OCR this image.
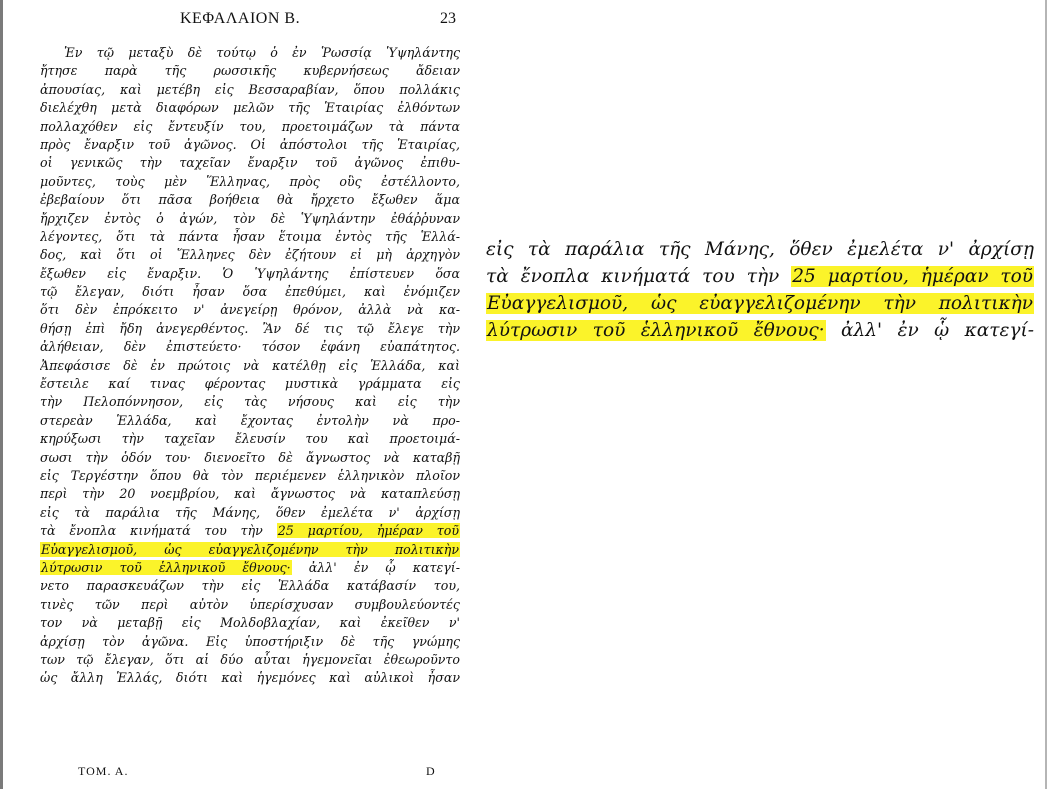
ΚΕΦΑΛΑΙΟΝ Β.	23
Ἐν τῷ μεταξὺ δὲ τούτῳ ὁ ἐν Ῥωσσίᾳ Ὑψηλάντης
ἤτησε παρὰ τῆς ρωσσικῆς κυβερνήσεως ἄδειαν
ἀπουσίας, καὶ μετέβη εἰς Βεσσαραβίαν, ὅπου πολλάκις
διελέχθη μετὰ διαφόρων μελῶν τῆς Ἑταιρίας ἐλθόντων
πολλαχόθεν εἰς ἔντευξίν του, προετοιμάζων τὰ πάντα
πρὸς ἔναρξιν τοῦ ἀγῶνος. Οἱ ἀπόστολοι τῆς Ἑταιρίας,
οἱ γενικῶς τὴν ταχεῖαν ἔναρξιν τοῦ ἀγῶνος ἐπιθυ-
μοῦντες, τοὺς μὲν Ἕλληνας, πρὸς οὓς ἐστέλλοντο,
ἐβεβαίουν ὅτι πᾶσα βοήθεια θὰ ἤρχετο ἔξωθεν ἅμα
ἤρχιζεν ἐντὸς ὁ ἀγών, τὸν δὲ Ὑψηλάντην ἐθάῤῥυναν
λέγοντες, ὅτι τὰ πάντα ἦσαν ἕτοιμα ἐντὸς τῆς Ἑλλά-
δος, καὶ ὅτι οἱ Ἕλληνες δὲν ἐζήτουν εἰ μὴ ἀρχηγὸν
ἔξωθεν εἰς ἔναρξιν. Ὁ Ὑψηλάντης ἐπίστευεν ὅσα
τῷ ἔλεγαν, διότι ἦσαν ὅσα ἐπεθύμει, καὶ ἐνόμιζεν
ὅτι δὲν ἐπρόκειτο ν' ἀνεγείρῃ θρόνον, ἀλλὰ νὰ κα-
θήσῃ ἐπὶ ἤδη ἀνεγερθέντος. Ἂν δέ τις τῷ ἔλεγε τὴν
ἀλήθειαν, δὲν ἐπιστεύετο· τόσον ἐφάνη εὐαπάτητος.
Ἀπεφάσισε δὲ ἐν πρώτοις νὰ κατέλθῃ εἰς Ἑλλάδα, καὶ
ἔστειλε καί τινας φέροντας μυστικὰ γράμματα εἰς
τὴν Πελοπόννησον, εἰς τὰς νήσους καὶ εἰς τὴν
στερεὰν Ἑλλάδα, καὶ ἔχοντας ἐντολὴν νὰ προ-
κηρύξωσι τὴν ταχεῖαν ἔλευσίν του καὶ προετοιμά-
σωσι τὴν ὁδόν του· διενοεῖτο δὲ ἄγνωστος νὰ καταβῇ
εἰς Τεργέστην ὅπου θὰ τὸν περιέμενεν ἑλληνικὸν πλοῖον
περὶ τὴν 20 νοεμβρίου, καὶ ἄγνωστος νὰ καταπλεύσῃ
εἰς τὰ παράλια τῆς Μάνης, ὅθεν ἐμελέτα ν' ἀρχίσῃ
τὰ ἔνοπλα κινήματά του τὴν 25 μαρτίου, ἡμέραν τοῦ
Εὐαγγελισμοῦ, ὡς εὐαγγελιζομένην τὴν πολιτικὴν
λύτρωσιν τοῦ ἑλληνικοῦ ἔθνους· ἀλλ' ἐν ᾧ κατεγί-
νετο παρασκευάζων τὴν εἰς Ἑλλάδα κατάβασίν του,
τινὲς τῶν περὶ αὐτὸν ὑπερίσχυσαν συμβουλεύοντές
τον νὰ μεταβῇ εἰς Μολδοβλαχίαν, καὶ ἐκεῖθεν ν'
ἀρχίσῃ τὸν ἀγῶνα. Εἰς ὑποστήριξιν δὲ τῆς γνώμης
των τῷ ἔλεγαν, ὅτι αἱ δύο αὗται ἡγεμονεῖαι ἐθεωροῦντο
ὡς ἄλλη Ἑλλάς, διότι καὶ ἡγεμόνες καὶ αὐλικοὶ ἦσαν
ΤΟΜ. Α.	D
εἰς τὰ παράλια τῆς Μάνης, ὅθεν ἐμελέτα ν' ἀρχίσῃ
τὰ ἔνοπλα κινήματά του τὴν 25 μαρτίου, ἡμέραν τοῦ
Εὐαγγελισμοῦ, ὡς εὐαγγελιζομένην τὴν πολιτικὴν
λύτρωσιν τοῦ ἑλληνικοῦ ἔθνους· ἀλλ' ἐν ᾧ κατεγί-
